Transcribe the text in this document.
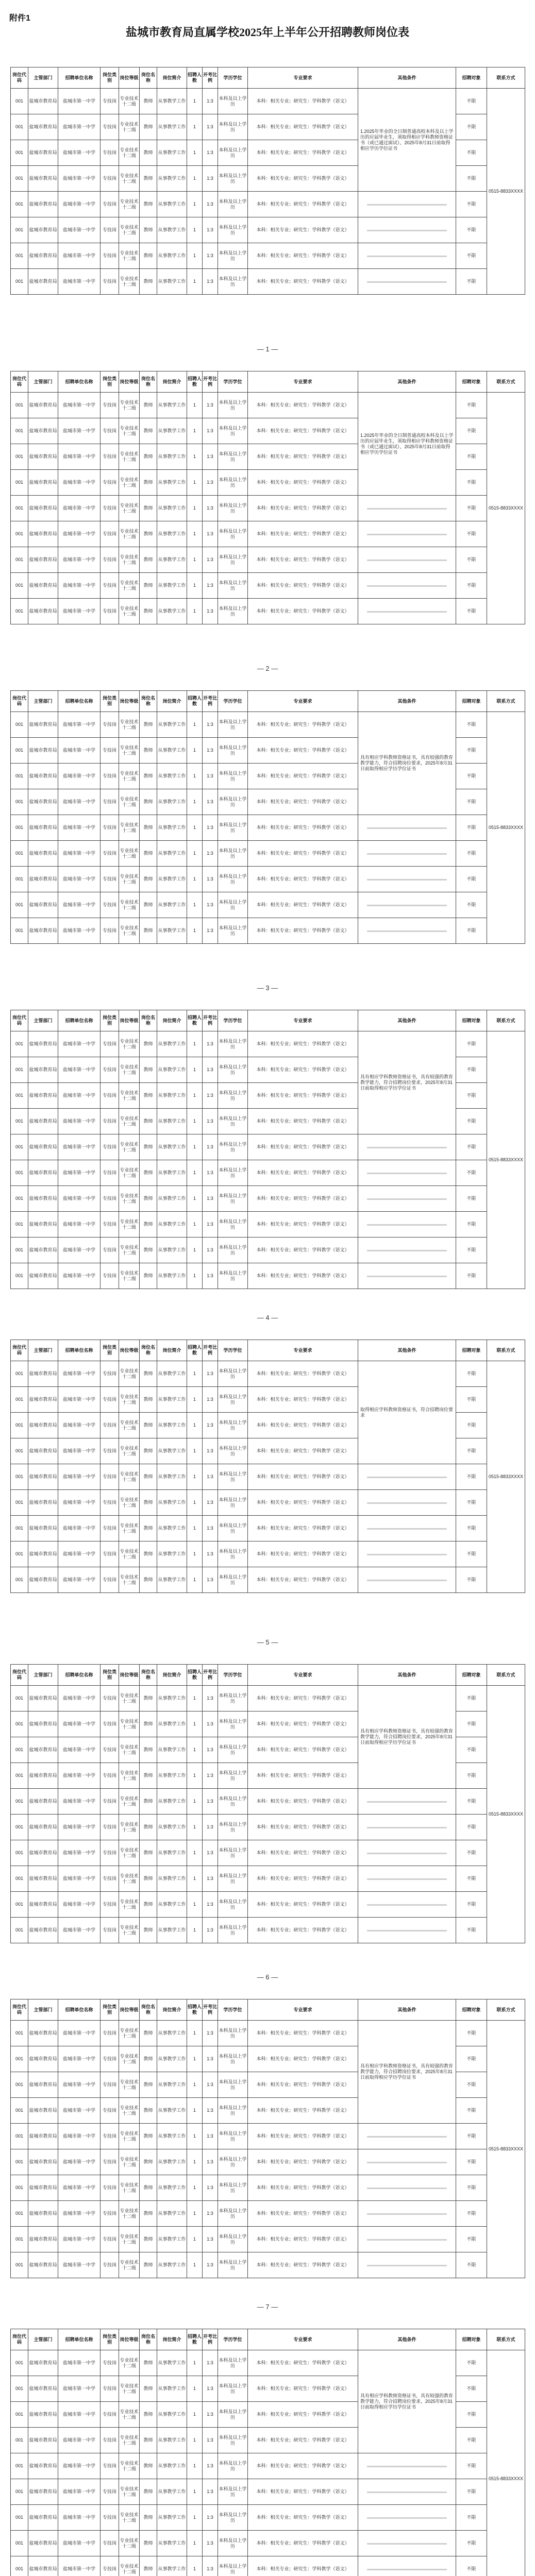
附件1
盐城市教育局直属学校2025年上半年公开招聘教师岗位表
岗位代码	主管部门	招聘单位名称	岗位类别	岗位等级	岗位名称	岗位简介	招聘人数	开考比例	学历学位	专业要求	其他条件	招聘对象	联系方式
001	盐城市教育局	盐城市第一中学	专技岗	专业技术十二级	教师	从事教学工作	1	1:3	本科及以上学历	本科：相关专业；研究生：学科教学（语文）	1.2025年毕业的全日制普通高校本科及以上学历的应届毕业生，须取得相应学科教师资格证书（或已通过面试），2025年8月31日前取得相应学历学位证书	不限	0515-8833XXXX
001	盐城市教育局	盐城市第一中学	专技岗	专业技术十二级	教师	从事教学工作	1	1:3	本科及以上学历	本科：相关专业；研究生：学科教学（语文）		不限	
001	盐城市教育局	盐城市第一中学	专技岗	专业技术十二级	教师	从事教学工作	1	1:3	本科及以上学历	本科：相关专业；研究生：学科教学（语文）		不限	
001	盐城市教育局	盐城市第一中学	专技岗	专业技术十二级	教师	从事教学工作	1	1:3	本科及以上学历	本科：相关专业；研究生：学科教学（语文）		不限	
001	盐城市教育局	盐城市第一中学	专技岗	专业技术十二级	教师	从事教学工作	1	1:3	本科及以上学历	本科：相关专业；研究生：学科教学（语文）		不限	
001	盐城市教育局	盐城市第一中学	专技岗	专业技术十二级	教师	从事教学工作	1	1:3	本科及以上学历	本科：相关专业；研究生：学科教学（语文）		不限	
001	盐城市教育局	盐城市第一中学	专技岗	专业技术十二级	教师	从事教学工作	1	1:3	本科及以上学历	本科：相关专业；研究生：学科教学（语文）		不限	
001	盐城市教育局	盐城市第一中学	专技岗	专业技术十二级	教师	从事教学工作	1	1:3	本科及以上学历	本科：相关专业；研究生：学科教学（语文）		不限	
— 1 —
岗位代码	主管部门	招聘单位名称	岗位类别	岗位等级	岗位名称	岗位简介	招聘人数	开考比例	学历学位	专业要求	其他条件	招聘对象	联系方式
001	盐城市教育局	盐城市第一中学	专技岗	专业技术十二级	教师	从事教学工作	1	1:3	本科及以上学历	本科：相关专业；研究生：学科教学（语文）	1.2025年毕业的全日制普通高校本科及以上学历的应届毕业生，须取得相应学科教师资格证书（或已通过面试），2025年8月31日前取得相应学历学位证书	不限	0515-8833XXXX
001	盐城市教育局	盐城市第一中学	专技岗	专业技术十二级	教师	从事教学工作	1	1:3	本科及以上学历	本科：相关专业；研究生：学科教学（语文）		不限	
001	盐城市教育局	盐城市第一中学	专技岗	专业技术十二级	教师	从事教学工作	1	1:3	本科及以上学历	本科：相关专业；研究生：学科教学（语文）		不限	
001	盐城市教育局	盐城市第一中学	专技岗	专业技术十二级	教师	从事教学工作	1	1:3	本科及以上学历	本科：相关专业；研究生：学科教学（语文）		不限	
001	盐城市教育局	盐城市第一中学	专技岗	专业技术十二级	教师	从事教学工作	1	1:3	本科及以上学历	本科：相关专业；研究生：学科教学（语文）		不限	
001	盐城市教育局	盐城市第一中学	专技岗	专业技术十二级	教师	从事教学工作	1	1:3	本科及以上学历	本科：相关专业；研究生：学科教学（语文）		不限	
001	盐城市教育局	盐城市第一中学	专技岗	专业技术十二级	教师	从事教学工作	1	1:3	本科及以上学历	本科：相关专业；研究生：学科教学（语文）		不限	
001	盐城市教育局	盐城市第一中学	专技岗	专业技术十二级	教师	从事教学工作	1	1:3	本科及以上学历	本科：相关专业；研究生：学科教学（语文）		不限	
001	盐城市教育局	盐城市第一中学	专技岗	专业技术十二级	教师	从事教学工作	1	1:3	本科及以上学历	本科：相关专业；研究生：学科教学（语文）		不限	
— 2 —
岗位代码	主管部门	招聘单位名称	岗位类别	岗位等级	岗位名称	岗位简介	招聘人数	开考比例	学历学位	专业要求	其他条件	招聘对象	联系方式
001	盐城市教育局	盐城市第一中学	专技岗	专业技术十二级	教师	从事教学工作	1	1:3	本科及以上学历	本科：相关专业；研究生：学科教学（语文）	具有相应学科教师资格证书，具有较强的教育教学能力，符合招聘岗位要求，2025年8月31日前取得相应学历学位证书	不限	0515-8833XXXX
001	盐城市教育局	盐城市第一中学	专技岗	专业技术十二级	教师	从事教学工作	1	1:3	本科及以上学历	本科：相关专业；研究生：学科教学（语文）		不限	
001	盐城市教育局	盐城市第一中学	专技岗	专业技术十二级	教师	从事教学工作	1	1:3	本科及以上学历	本科：相关专业；研究生：学科教学（语文）		不限	
001	盐城市教育局	盐城市第一中学	专技岗	专业技术十二级	教师	从事教学工作	1	1:3	本科及以上学历	本科：相关专业；研究生：学科教学（语文）		不限	
001	盐城市教育局	盐城市第一中学	专技岗	专业技术十二级	教师	从事教学工作	1	1:3	本科及以上学历	本科：相关专业；研究生：学科教学（语文）		不限	
001	盐城市教育局	盐城市第一中学	专技岗	专业技术十二级	教师	从事教学工作	1	1:3	本科及以上学历	本科：相关专业；研究生：学科教学（语文）		不限	
001	盐城市教育局	盐城市第一中学	专技岗	专业技术十二级	教师	从事教学工作	1	1:3	本科及以上学历	本科：相关专业；研究生：学科教学（语文）		不限	
001	盐城市教育局	盐城市第一中学	专技岗	专业技术十二级	教师	从事教学工作	1	1:3	本科及以上学历	本科：相关专业；研究生：学科教学（语文）		不限	
001	盐城市教育局	盐城市第一中学	专技岗	专业技术十二级	教师	从事教学工作	1	1:3	本科及以上学历	本科：相关专业；研究生：学科教学（语文）		不限	
— 3 —
岗位代码	主管部门	招聘单位名称	岗位类别	岗位等级	岗位名称	岗位简介	招聘人数	开考比例	学历学位	专业要求	其他条件	招聘对象	联系方式
001	盐城市教育局	盐城市第一中学	专技岗	专业技术十二级	教师	从事教学工作	1	1:3	本科及以上学历	本科：相关专业；研究生：学科教学（语文）	具有相应学科教师资格证书，具有较强的教育教学能力，符合招聘岗位要求，2025年8月31日前取得相应学历学位证书	不限	0515-8833XXXX
001	盐城市教育局	盐城市第一中学	专技岗	专业技术十二级	教师	从事教学工作	1	1:3	本科及以上学历	本科：相关专业；研究生：学科教学（语文）		不限	
001	盐城市教育局	盐城市第一中学	专技岗	专业技术十二级	教师	从事教学工作	1	1:3	本科及以上学历	本科：相关专业；研究生：学科教学（语文）		不限	
001	盐城市教育局	盐城市第一中学	专技岗	专业技术十二级	教师	从事教学工作	1	1:3	本科及以上学历	本科：相关专业；研究生：学科教学（语文）		不限	
001	盐城市教育局	盐城市第一中学	专技岗	专业技术十二级	教师	从事教学工作	1	1:3	本科及以上学历	本科：相关专业；研究生：学科教学（语文）		不限	
001	盐城市教育局	盐城市第一中学	专技岗	专业技术十二级	教师	从事教学工作	1	1:3	本科及以上学历	本科：相关专业；研究生：学科教学（语文）		不限	
001	盐城市教育局	盐城市第一中学	专技岗	专业技术十二级	教师	从事教学工作	1	1:3	本科及以上学历	本科：相关专业；研究生：学科教学（语文）		不限	
001	盐城市教育局	盐城市第一中学	专技岗	专业技术十二级	教师	从事教学工作	1	1:3	本科及以上学历	本科：相关专业；研究生：学科教学（语文）		不限	
001	盐城市教育局	盐城市第一中学	专技岗	专业技术十二级	教师	从事教学工作	1	1:3	本科及以上学历	本科：相关专业；研究生：学科教学（语文）		不限	
001	盐城市教育局	盐城市第一中学	专技岗	专业技术十二级	教师	从事教学工作	1	1:3	本科及以上学历	本科：相关专业；研究生：学科教学（语文）		不限	
— 4 —
岗位代码	主管部门	招聘单位名称	岗位类别	岗位等级	岗位名称	岗位简介	招聘人数	开考比例	学历学位	专业要求	其他条件	招聘对象	联系方式
001	盐城市教育局	盐城市第一中学	专技岗	专业技术十二级	教师	从事教学工作	1	1:3	本科及以上学历	本科：相关专业；研究生：学科教学（语文）	取得相应学科教师资格证书，符合招聘岗位要求	不限	0515-8833XXXX
001	盐城市教育局	盐城市第一中学	专技岗	专业技术十二级	教师	从事教学工作	1	1:3	本科及以上学历	本科：相关专业；研究生：学科教学（语文）		不限	
001	盐城市教育局	盐城市第一中学	专技岗	专业技术十二级	教师	从事教学工作	1	1:3	本科及以上学历	本科：相关专业；研究生：学科教学（语文）		不限	
001	盐城市教育局	盐城市第一中学	专技岗	专业技术十二级	教师	从事教学工作	1	1:3	本科及以上学历	本科：相关专业；研究生：学科教学（语文）		不限	
001	盐城市教育局	盐城市第一中学	专技岗	专业技术十二级	教师	从事教学工作	1	1:3	本科及以上学历	本科：相关专业；研究生：学科教学（语文）		不限	
001	盐城市教育局	盐城市第一中学	专技岗	专业技术十二级	教师	从事教学工作	1	1:3	本科及以上学历	本科：相关专业；研究生：学科教学（语文）		不限	
001	盐城市教育局	盐城市第一中学	专技岗	专业技术十二级	教师	从事教学工作	1	1:3	本科及以上学历	本科：相关专业；研究生：学科教学（语文）		不限	
001	盐城市教育局	盐城市第一中学	专技岗	专业技术十二级	教师	从事教学工作	1	1:3	本科及以上学历	本科：相关专业；研究生：学科教学（语文）		不限	
001	盐城市教育局	盐城市第一中学	专技岗	专业技术十二级	教师	从事教学工作	1	1:3	本科及以上学历	本科：相关专业；研究生：学科教学（语文）		不限	
— 5 —
岗位代码	主管部门	招聘单位名称	岗位类别	岗位等级	岗位名称	岗位简介	招聘人数	开考比例	学历学位	专业要求	其他条件	招聘对象	联系方式
001	盐城市教育局	盐城市第一中学	专技岗	专业技术十二级	教师	从事教学工作	1	1:3	本科及以上学历	本科：相关专业；研究生：学科教学（语文）	具有相应学科教师资格证书，具有较强的教育教学能力，符合招聘岗位要求，2025年8月31日前取得相应学历学位证书	不限	0515-8833XXXX
001	盐城市教育局	盐城市第一中学	专技岗	专业技术十二级	教师	从事教学工作	1	1:3	本科及以上学历	本科：相关专业；研究生：学科教学（语文）		不限	
001	盐城市教育局	盐城市第一中学	专技岗	专业技术十二级	教师	从事教学工作	1	1:3	本科及以上学历	本科：相关专业；研究生：学科教学（语文）		不限	
001	盐城市教育局	盐城市第一中学	专技岗	专业技术十二级	教师	从事教学工作	1	1:3	本科及以上学历	本科：相关专业；研究生：学科教学（语文）		不限	
001	盐城市教育局	盐城市第一中学	专技岗	专业技术十二级	教师	从事教学工作	1	1:3	本科及以上学历	本科：相关专业；研究生：学科教学（语文）		不限	
001	盐城市教育局	盐城市第一中学	专技岗	专业技术十二级	教师	从事教学工作	1	1:3	本科及以上学历	本科：相关专业；研究生：学科教学（语文）		不限	
001	盐城市教育局	盐城市第一中学	专技岗	专业技术十二级	教师	从事教学工作	1	1:3	本科及以上学历	本科：相关专业；研究生：学科教学（语文）		不限	
001	盐城市教育局	盐城市第一中学	专技岗	专业技术十二级	教师	从事教学工作	1	1:3	本科及以上学历	本科：相关专业；研究生：学科教学（语文）		不限	
001	盐城市教育局	盐城市第一中学	专技岗	专业技术十二级	教师	从事教学工作	1	1:3	本科及以上学历	本科：相关专业；研究生：学科教学（语文）		不限	
001	盐城市教育局	盐城市第一中学	专技岗	专业技术十二级	教师	从事教学工作	1	1:3	本科及以上学历	本科：相关专业；研究生：学科教学（语文）		不限	
— 6 —
岗位代码	主管部门	招聘单位名称	岗位类别	岗位等级	岗位名称	岗位简介	招聘人数	开考比例	学历学位	专业要求	其他条件	招聘对象	联系方式
001	盐城市教育局	盐城市第一中学	专技岗	专业技术十二级	教师	从事教学工作	1	1:3	本科及以上学历	本科：相关专业；研究生：学科教学（语文）	具有相应学科教师资格证书，具有较强的教育教学能力，符合招聘岗位要求，2025年8月31日前取得相应学历学位证书	不限	0515-8833XXXX
001	盐城市教育局	盐城市第一中学	专技岗	专业技术十二级	教师	从事教学工作	1	1:3	本科及以上学历	本科：相关专业；研究生：学科教学（语文）		不限	
001	盐城市教育局	盐城市第一中学	专技岗	专业技术十二级	教师	从事教学工作	1	1:3	本科及以上学历	本科：相关专业；研究生：学科教学（语文）		不限	
001	盐城市教育局	盐城市第一中学	专技岗	专业技术十二级	教师	从事教学工作	1	1:3	本科及以上学历	本科：相关专业；研究生：学科教学（语文）		不限	
001	盐城市教育局	盐城市第一中学	专技岗	专业技术十二级	教师	从事教学工作	1	1:3	本科及以上学历	本科：相关专业；研究生：学科教学（语文）		不限	
001	盐城市教育局	盐城市第一中学	专技岗	专业技术十二级	教师	从事教学工作	1	1:3	本科及以上学历	本科：相关专业；研究生：学科教学（语文）		不限	
001	盐城市教育局	盐城市第一中学	专技岗	专业技术十二级	教师	从事教学工作	1	1:3	本科及以上学历	本科：相关专业；研究生：学科教学（语文）		不限	
001	盐城市教育局	盐城市第一中学	专技岗	专业技术十二级	教师	从事教学工作	1	1:3	本科及以上学历	本科：相关专业；研究生：学科教学（语文）		不限	
001	盐城市教育局	盐城市第一中学	专技岗	专业技术十二级	教师	从事教学工作	1	1:3	本科及以上学历	本科：相关专业；研究生：学科教学（语文）		不限	
001	盐城市教育局	盐城市第一中学	专技岗	专业技术十二级	教师	从事教学工作	1	1:3	本科及以上学历	本科：相关专业；研究生：学科教学（语文）		不限	
— 7 —
岗位代码	主管部门	招聘单位名称	岗位类别	岗位等级	岗位名称	岗位简介	招聘人数	开考比例	学历学位	专业要求	其他条件	招聘对象	联系方式
001	盐城市教育局	盐城市第一中学	专技岗	专业技术十二级	教师	从事教学工作	1	1:3	本科及以上学历	本科：相关专业；研究生：学科教学（语文）	具有相应学科教师资格证书，具有较强的教育教学能力，符合招聘岗位要求，2025年8月31日前取得相应学历学位证书	不限	0515-8833XXXX
001	盐城市教育局	盐城市第一中学	专技岗	专业技术十二级	教师	从事教学工作	1	1:3	本科及以上学历	本科：相关专业；研究生：学科教学（语文）		不限	
001	盐城市教育局	盐城市第一中学	专技岗	专业技术十二级	教师	从事教学工作	1	1:3	本科及以上学历	本科：相关专业；研究生：学科教学（语文）		不限	
001	盐城市教育局	盐城市第一中学	专技岗	专业技术十二级	教师	从事教学工作	1	1:3	本科及以上学历	本科：相关专业；研究生：学科教学（语文）		不限	
001	盐城市教育局	盐城市第一中学	专技岗	专业技术十二级	教师	从事教学工作	1	1:3	本科及以上学历	本科：相关专业；研究生：学科教学（语文）		不限	
001	盐城市教育局	盐城市第一中学	专技岗	专业技术十二级	教师	从事教学工作	1	1:3	本科及以上学历	本科：相关专业；研究生：学科教学（语文）		不限	
001	盐城市教育局	盐城市第一中学	专技岗	专业技术十二级	教师	从事教学工作	1	1:3	本科及以上学历	本科：相关专业；研究生：学科教学（语文）		不限	
001	盐城市教育局	盐城市第一中学	专技岗	专业技术十二级	教师	从事教学工作	1	1:3	本科及以上学历	本科：相关专业；研究生：学科教学（语文）		不限	
001	盐城市教育局	盐城市第一中学	专技岗	专业技术十二级	教师	从事教学工作	1	1:3	本科及以上学历	本科：相关专业；研究生：学科教学（语文）		不限	
